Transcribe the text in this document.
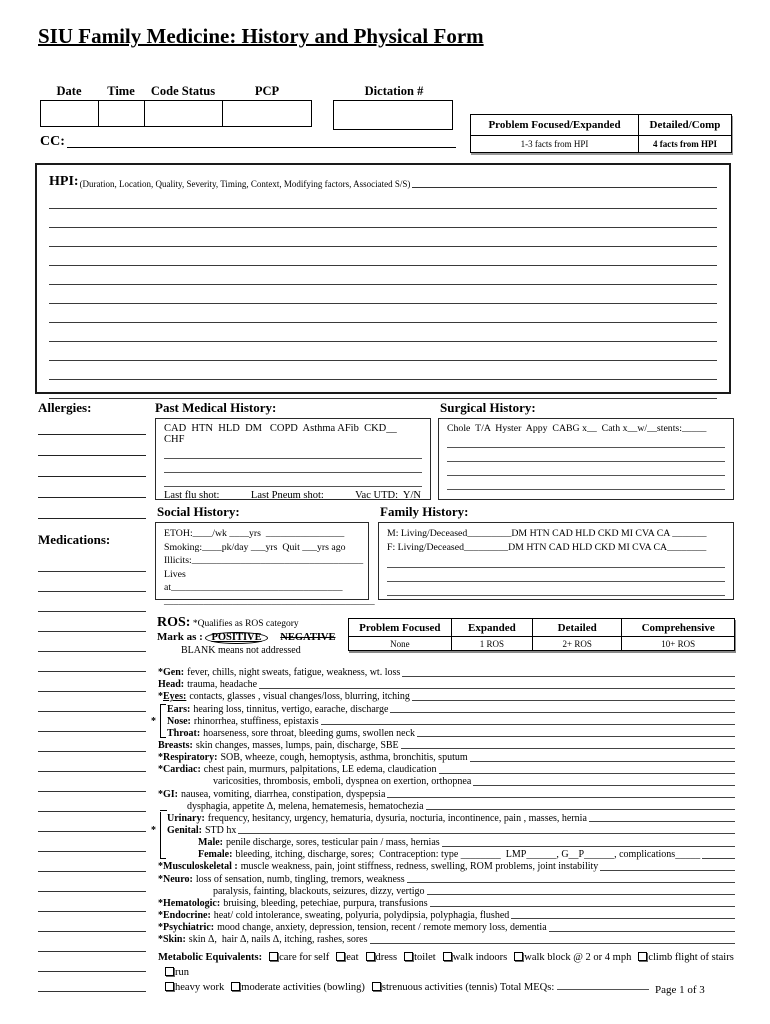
SIU Family Medicine: History and Physical Form
Date	Time	Code Status	PCP	Dictation #
CC:
Problem Focused/Expanded	Detailed/Comp
1-3 facts from HPI	4 facts from HPI
HPI: (Duration, Location, Quality, Severity, Timing, Context, Modifying factors, Associated S/S)
Allergies:
Medications:
Past Medical History:
CAD  HTN  HLD  DM   COPD  Asthma AFib  CKD__  CHF
Last flu shot:            Last Pneum shot:            Vac UTD:  Y/N
Surgical History:
Chole  T/A  Hyster  Appy  CABG x__  Cath x__w/__stents:_____
Social History:
ETOH:____/wk ____yrs  ________________
Smoking:____pk/day ___yrs  Quit ___yrs ago
Illicits:___________________________________
Lives at___________________________________
___________________________________________
Family History:
M: Living/Deceased_________DM HTN CAD HLD CKD MI CVA CA _______
F: Living/Deceased_________DM HTN CAD HLD CKD MI CVA CA________
ROS: *Qualifies as ROS category
Mark as : POSITIVE NEGATIVE
BLANK means not addressed
Problem Focused	Expanded	Detailed	Comprehensive
None	1 ROS	2+ ROS	10+ ROS
* Gen: fever, chills, night sweats, fatigue, weakness, wt. loss
Head: trauma, headache
* Eyes: contacts, glasses , visual changes/loss, blurring, itching
Ears: hearing loss, tinnitus, vertigo, earache, discharge
* Nose: rhinorrhea, stuffiness, epistaxis
Throat: hoarseness, sore throat, bleeding gums, swollen neck
Breasts: skin changes, masses, lumps, pain, discharge, SBE
* Respiratory: SOB, wheeze, cough, hemoptysis, asthma, bronchitis, sputum
* Cardiac: chest pain, murmurs, palpitations, LE edema, claudication
varicosities, thrombosis, emboli, dyspnea on exertion, orthopnea
* GI: nausea, vomiting, diarrhea, constipation, dyspepsia
dysphagia, appetite Δ, melena, hematemesis, hematochezia
Urinary: frequency, hesitancy, urgency, hematuria, dysuria, nocturia, incontinence, pain , masses, hernia
* Genital: STD hx
Male: penile discharge, sores, testicular pain / mass, hernias
Female: bleeding, itching, discharge, sores;  Contraception: type ________  LMP______, G__P______, complications_____
* Musculoskeletal : muscle weakness, pain, joint stiffness, redness, swelling, ROM problems, joint instability
* Neuro: loss of sensation, numb, tingling, tremors, weakness
paralysis, fainting, blackouts, seizures, dizzy, vertigo
* Hematologic: bruising, bleeding, petechiae, purpura, transfusions
* Endocrine: heat/ cold intolerance, sweating, polyuria, polydipsia, polyphagia, flushed
* Psychiatric: mood change, anxiety, depression, tension, recent / remote memory loss, dementia
* Skin: skin Δ,  hair Δ, nails Δ, itching, rashes, sores
Metabolic Equivalents: care for self eat dress toilet walk indoors walk block @ 2 or 4 mph climb flight of stairsrun
heavy work moderate activities (bowling) strenuous activities (tennis) Total MEQs:	Page 1 of 3
